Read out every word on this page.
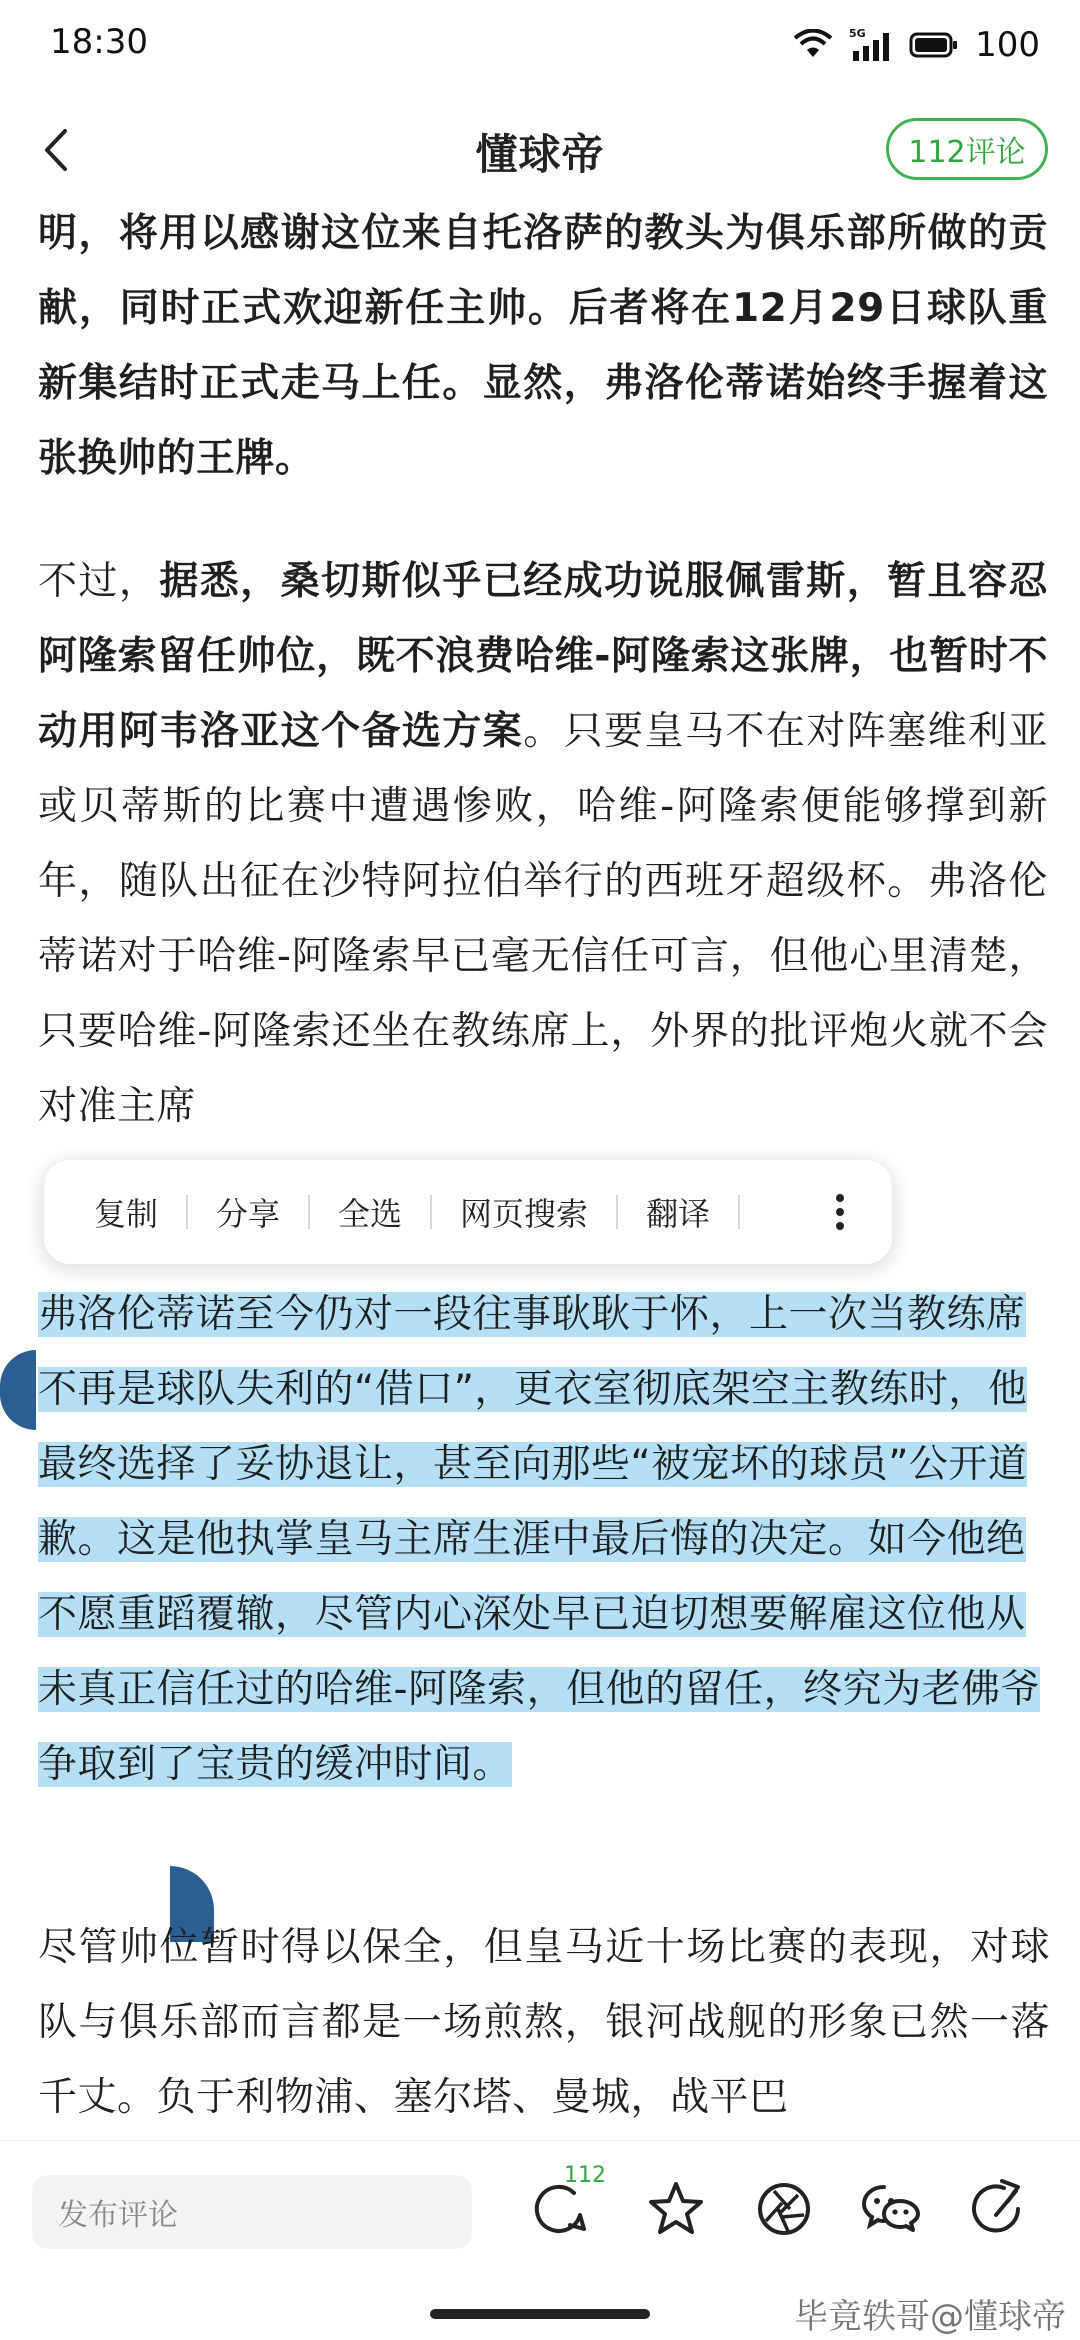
18:30	5G	100
懂球帝	112评论

明，将用以感谢这位来自托洛萨的教头为俱乐部所做的贡献，同时正式欢迎新任主帅。后者将在12月29日球队重新集结时正式走马上任。显然，弗洛伦蒂诺始终手握着这张换帅的王牌。

不过，据悉，桑切斯似乎已经成功说服佩雷斯，暂且容忍阿隆索留任帅位，既不浪费哈维-阿隆索这张牌，也暂时不动用阿韦洛亚这个备选方案。只要皇马不在对阵塞维利亚或贝蒂斯的比赛中遭遇惨败，哈维-阿隆索便能够撑到新年，随队出征在沙特阿拉伯举行的西班牙超级杯。弗洛伦蒂诺对于哈维-阿隆索早已毫无信任可言，但他心里清楚，只要哈维-阿隆索还坐在教练席上，外界的批评炮火就不会对准主席

弗洛伦蒂诺至今仍对一段往事耿耿于怀，上一次当教练席不再是球队失利的“借口”，更衣室彻底架空主教练时，他最终选择了妥协退让，甚至向那些“被宠坏的球员”公开道歉。这是他执掌皇马主席生涯中最后悔的决定。如今他绝不愿重蹈覆辙，尽管内心深处早已迫切想要解雇这位他从未真正信任过的哈维-阿隆索，但他的留任，终究为老佛爷争取到了宝贵的缓冲时间。
尽管帅位暂时得以保全，但皇马近十场比赛的表现，对球队与俱乐部而言都是一场煎熬，银河战舰的形象已然一落千丈。负于利物浦、塞尔塔、曼城，战平巴
复制	分享	全选	网页搜索	翻译
发布评论
112
毕竟轶哥@懂球帝
